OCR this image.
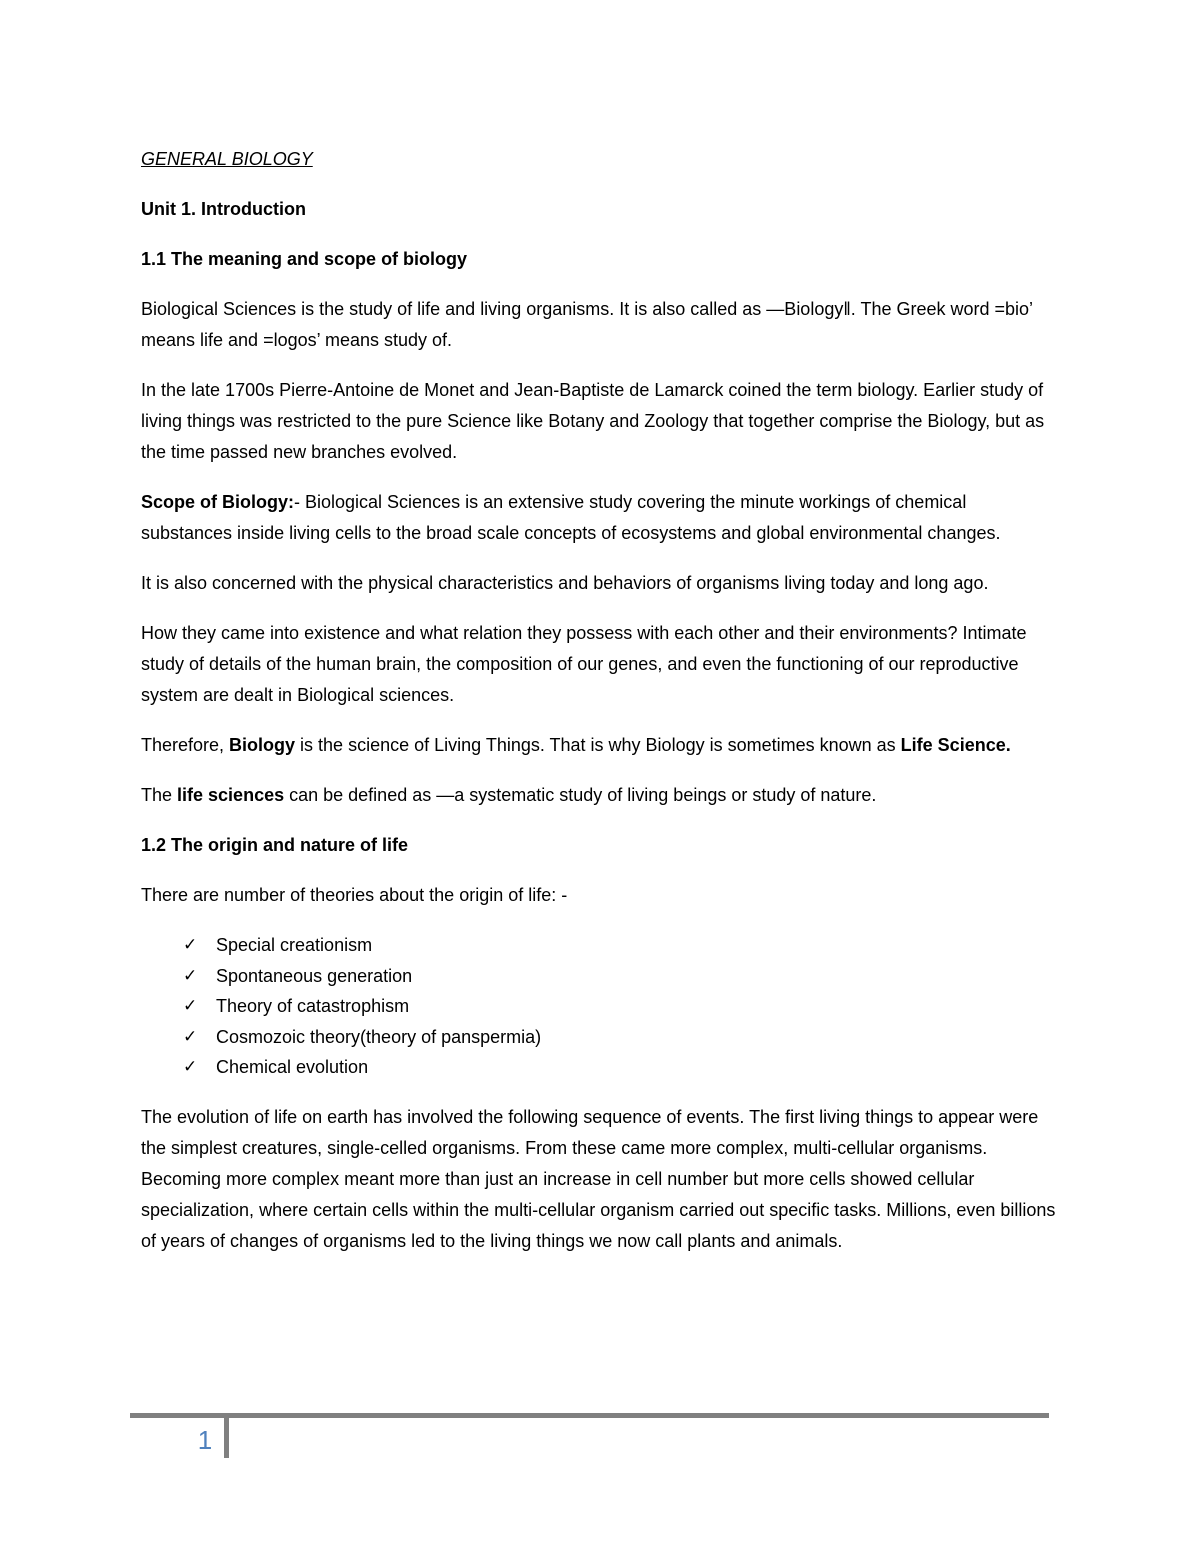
GENERAL BIOLOGY
Unit 1. Introduction
1.1 The meaning and scope of biology

Biological Sciences is the study of life and living organisms. It is also called as ―Biology‖. The Greek word =bio’ means life and =logos’ means study of.

In the late 1700s Pierre-Antoine de Monet and Jean-Baptiste de Lamarck coined the term biology. Earlier study of living things was restricted to the pure Science like Botany and Zoology that together comprise the Biology, but as the time passed new branches evolved.

Scope of Biology:- Biological Sciences is an extensive study covering the minute workings of chemical substances inside living cells to the broad scale concepts of ecosystems and global environmental changes.

It is also concerned with the physical characteristics and behaviors of organisms living today and long ago.

How they came into existence and what relation they possess with each other and their environments? Intimate study of details of the human brain, the composition of our genes, and even the functioning of our reproductive system are dealt in Biological sciences.

Therefore, Biology is the science of Living Things. That is why Biology is sometimes known as Life Science.

The life sciences can be defined as ―a systematic study of living beings or study of nature.

1.2 The origin and nature of life

There are number of theories about the origin of life: -

✓ Special creationism
✓ Spontaneous generation
✓ Theory of catastrophism
✓ Cosmozoic theory(theory of panspermia)
✓ Chemical evolution

The evolution of life on earth has involved the following sequence of events. The first living things to appear were the simplest creatures, single-celled organisms. From these came more complex, multi-cellular organisms. Becoming more complex meant more than just an increase in cell number but more cells showed cellular specialization, where certain cells within the multi-cellular organism carried out specific tasks. Millions, even billions of years of changes of organisms led to the living things we now call plants and animals.

1
